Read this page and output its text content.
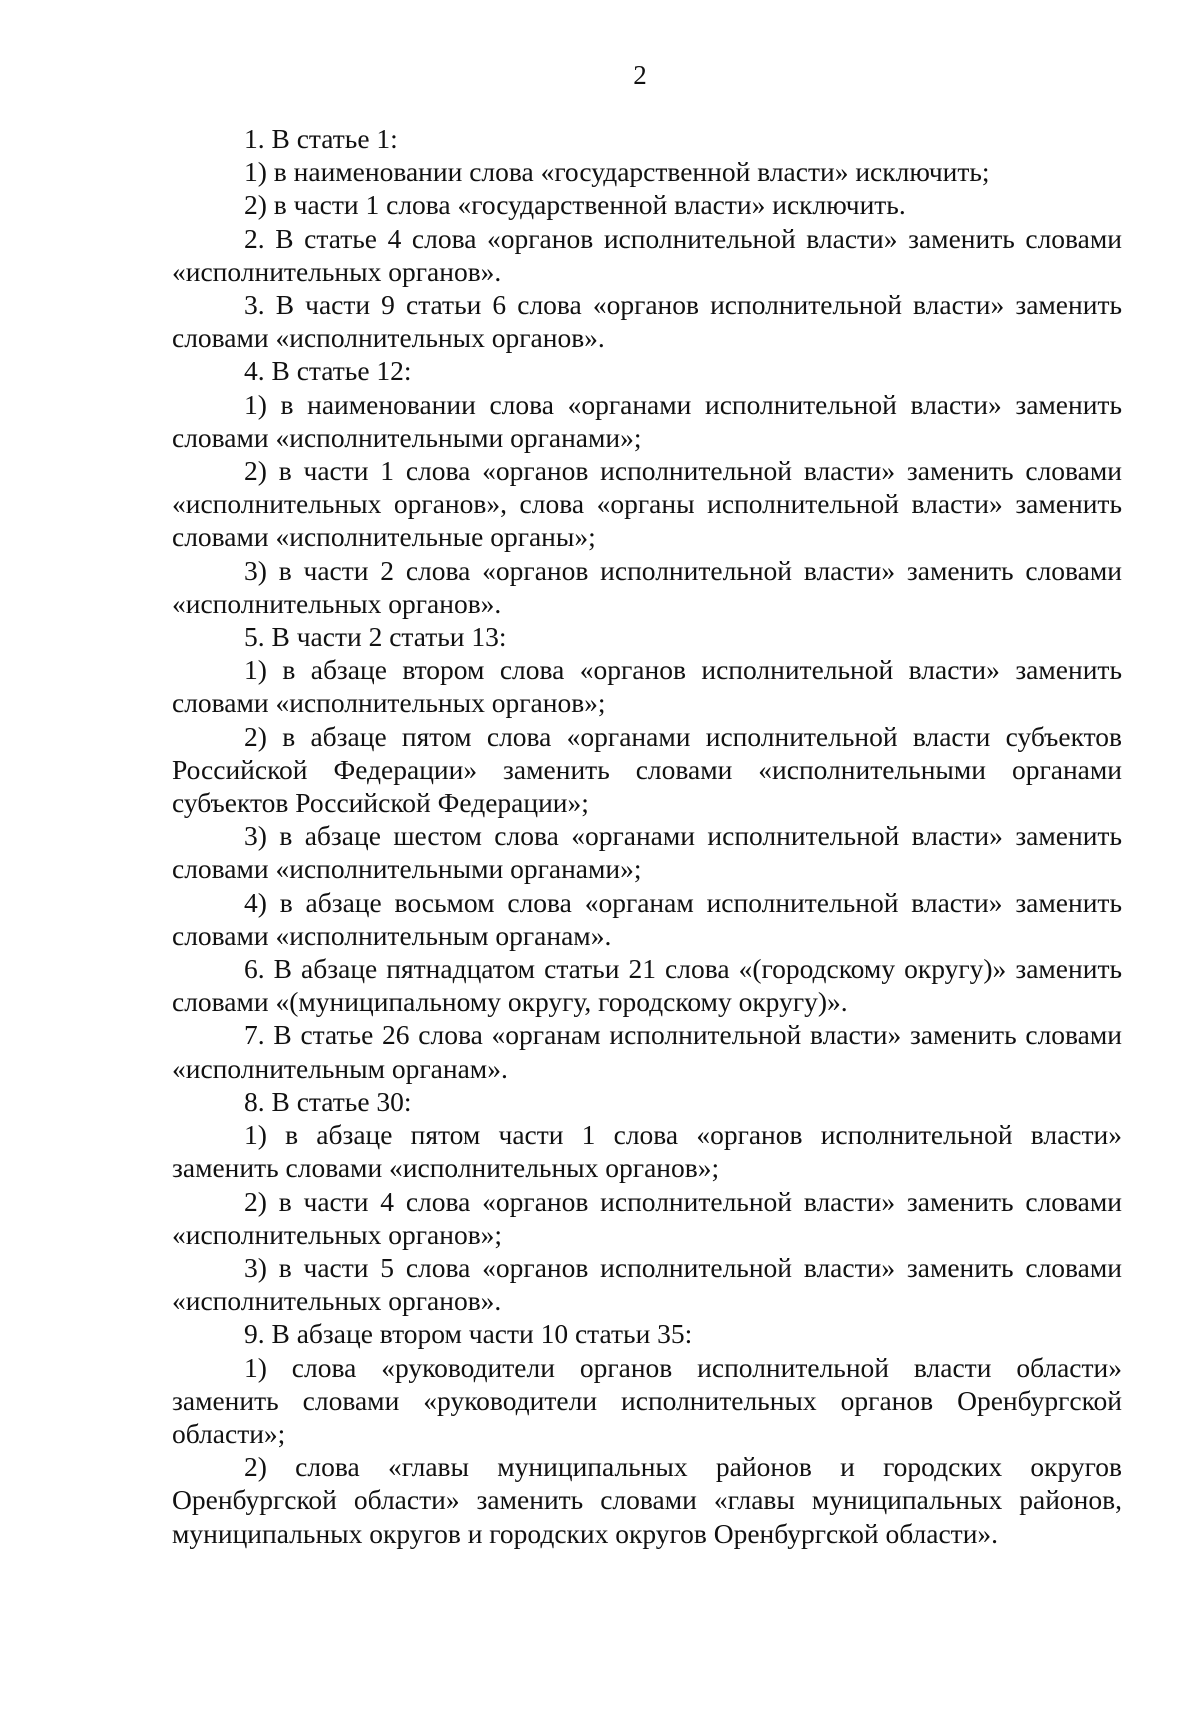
2

1. В статье 1:

1) в наименовании слова «государственной власти» исключить;

2) в части 1 слова «государственной власти» исключить.

2. В статье 4 слова «органов исполнительной власти» заменить словами «исполнительных органов».

3. В части 9 статьи 6 слова «органов исполнительной власти» заменить словами «исполнительных органов».

4. В статье 12:

1) в наименовании слова «органами исполнительной власти» заменить словами «исполнительными органами»;

2) в части 1 слова «органов исполнительной власти» заменить словами «исполнительных органов», слова «органы исполнительной власти» заменить словами «исполнительные органы»;

3) в части 2 слова «органов исполнительной власти» заменить словами «исполнительных органов».

5. В части 2 статьи 13:

1) в абзаце втором слова «органов исполнительной власти» заменить словами «исполнительных органов»;

2) в абзаце пятом слова «органами исполнительной власти субъектов Российской Федерации» заменить словами «исполнительными органами субъектов Российской Федерации»;

3) в абзаце шестом слова «органами исполнительной власти» заменить словами «исполнительными органами»;

4) в абзаце восьмом слова «органам исполнительной власти» заменить словами «исполнительным органам».

6. В абзаце пятнадцатом статьи 21 слова «(городскому округу)» заменить словами «(муниципальному округу, городскому округу)».

7. В статье 26 слова «органам исполнительной власти» заменить словами «исполнительным органам».

8. В статье 30:

1) в абзаце пятом части 1 слова «органов исполнительной власти» заменить словами «исполнительных органов»;

2) в части 4 слова «органов исполнительной власти» заменить словами «исполнительных органов»;

3) в части 5 слова «органов исполнительной власти» заменить словами «исполнительных органов».

9. В абзаце втором части 10 статьи 35:

1) слова «руководители органов исполнительной власти области» заменить словами «руководители исполнительных органов Оренбургской области»;

2) слова «главы муниципальных районов и городских округов Оренбургской области» заменить словами «главы муниципальных районов, муниципальных округов и городских округов Оренбургской области».
